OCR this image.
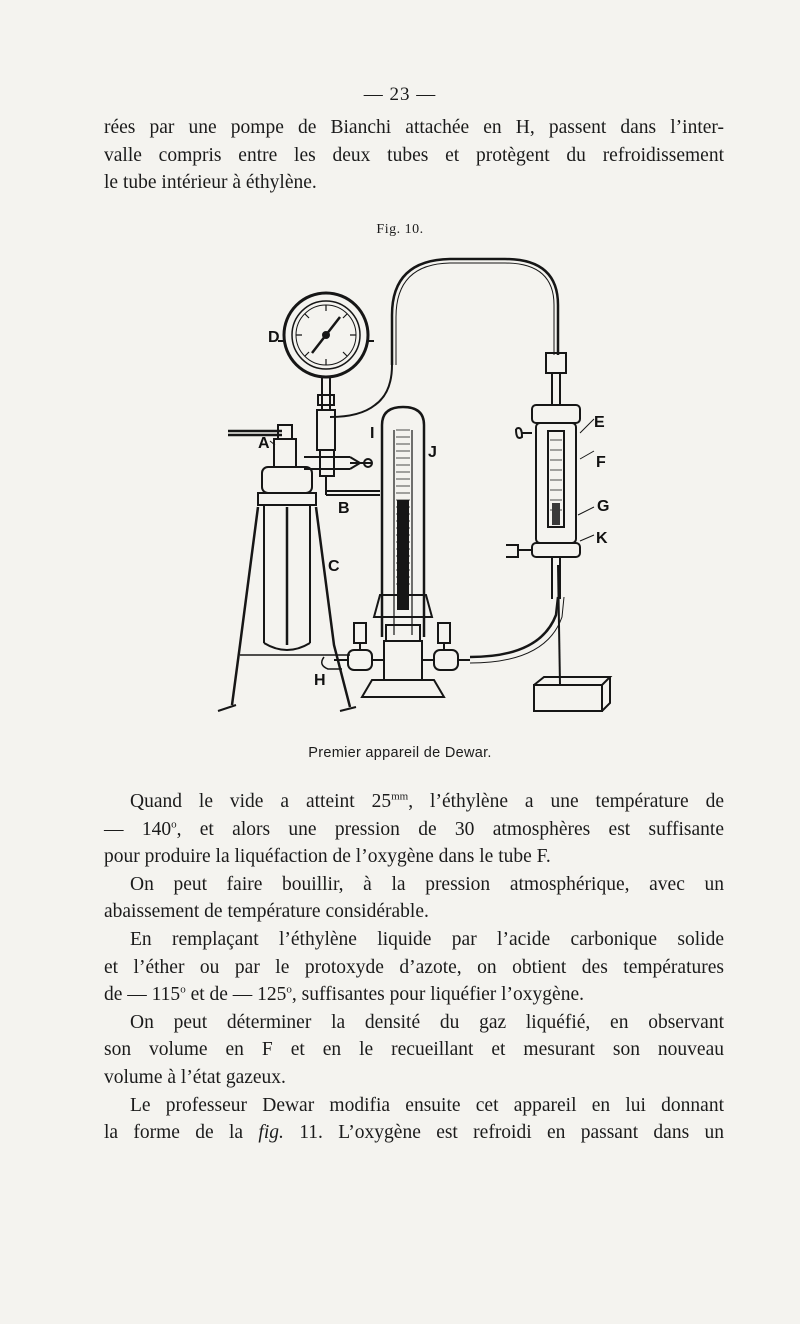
— 23 —
rées par une pompe de Bianchi attachée en H, passent dans l’inter-
valle compris entre les deux tubes et protègent du refroidissement
le tube intérieur à éthylène.
Fig. 10.
D
A
B
C
H
I
J
E
F
G
K
Premier appareil de Dewar.
Quand le vide a atteint $25^{mm}$, l’éthylène a une température de
— 140$^o$, et alors une pression de 30 atmosphères est suffisante
pour produire la liquéfaction de l’oxygène dans le tube F.
On peut faire bouillir, à la pression atmosphérique, avec un
abaissement de température considérable.
En remplaçant l’éthylène liquide par l’acide carbonique solide
et l’éther ou par le protoxyde d’azote, on obtient des températures
de — 115$^o$ et de — 125$^o$, suffisantes pour liquéfier l’oxygène.
On peut déterminer la densité du gaz liquéfié, en observant
son volume en F et en le recueillant et mesurant son nouveau
volume à l’état gazeux.
Le professeur Dewar modifia ensuite cet appareil en lui donnant
la forme de la fig. 11. L’oxygène est refroidi en passant dans un
